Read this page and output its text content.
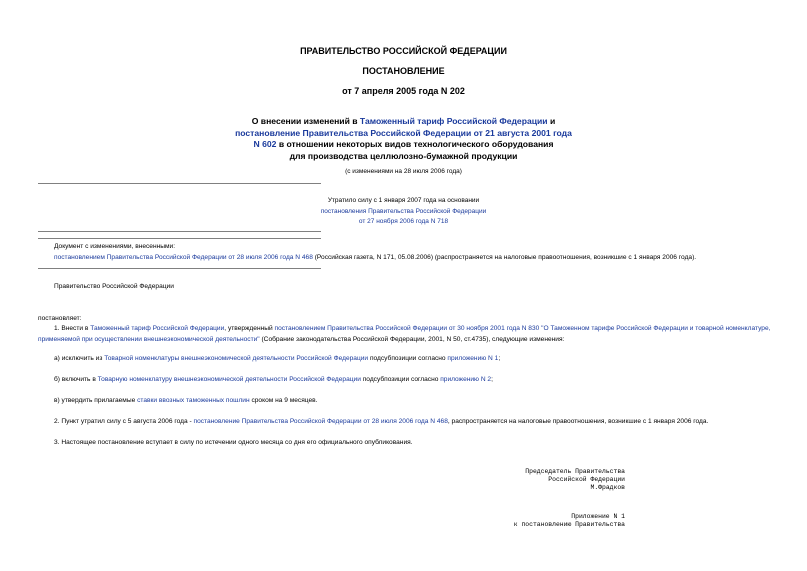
ПРАВИТЕЛЬСТВО РОССИЙСКОЙ ФЕДЕРАЦИИ
ПОСТАНОВЛЕНИЕ
от 7 апреля 2005 года N 202
О внесении изменений в Таможенный тариф Российской Федерации и
постановление Правительства Российской Федерации от 21 августа 2001 года
N 602 в отношении некоторых видов технологического оборудования
для производства целлюлозно-бумажной продукции
(с изменениями на 28 июля 2006 года)
Утратило силу с 1 января 2007 года на основании
постановления Правительства Российской Федерации
от 27 ноября 2006 года N 718
Документ с изменениями, внесенными:
постановлением Правительства Российской Федерации от 28 июля 2006 года N 468 (Российская газета, N 171, 05.08.2006) (распространяется на налоговые правоотношения, возникшие с 1 января 2006 года).
Правительство Российской Федерации
постановляет:
1. Внести в Таможенный тариф Российской Федерации, утвержденный постановлением Правительства Российской Федерации от 30 ноября 2001 года N 830 "О Таможенном тарифе Российской Федерации и товарной номенклатуре, применяемой при осуществлении внешнеэкономической деятельности" (Собрание законодательства Российской Федерации, 2001, N 50, ст.4735), следующие изменения:
а) исключить из Товарной номенклатуры внешнеэкономической деятельности Российской Федерации подсубпозиции согласно приложению N 1;
б) включить в Товарную номенклатуру внешнеэкономической деятельности Российской Федерации подсубпозиции согласно приложению N 2;
в) утвердить прилагаемые ставки ввозных таможенных пошлин сроком на 9 месяцев.
2. Пункт утратил силу с 5 августа 2006 года - постановление Правительства Российской Федерации от 28 июля 2006 года N 468, распространяется на налоговые правоотношения, возникшие с 1 января 2006 года.
3. Настоящее постановление вступает в силу по истечении одного месяца со дня его официального опубликования.
Председатель Правительства
Российской Федерации
М.Фрадков
Приложение N 1
к постановлению Правительства
